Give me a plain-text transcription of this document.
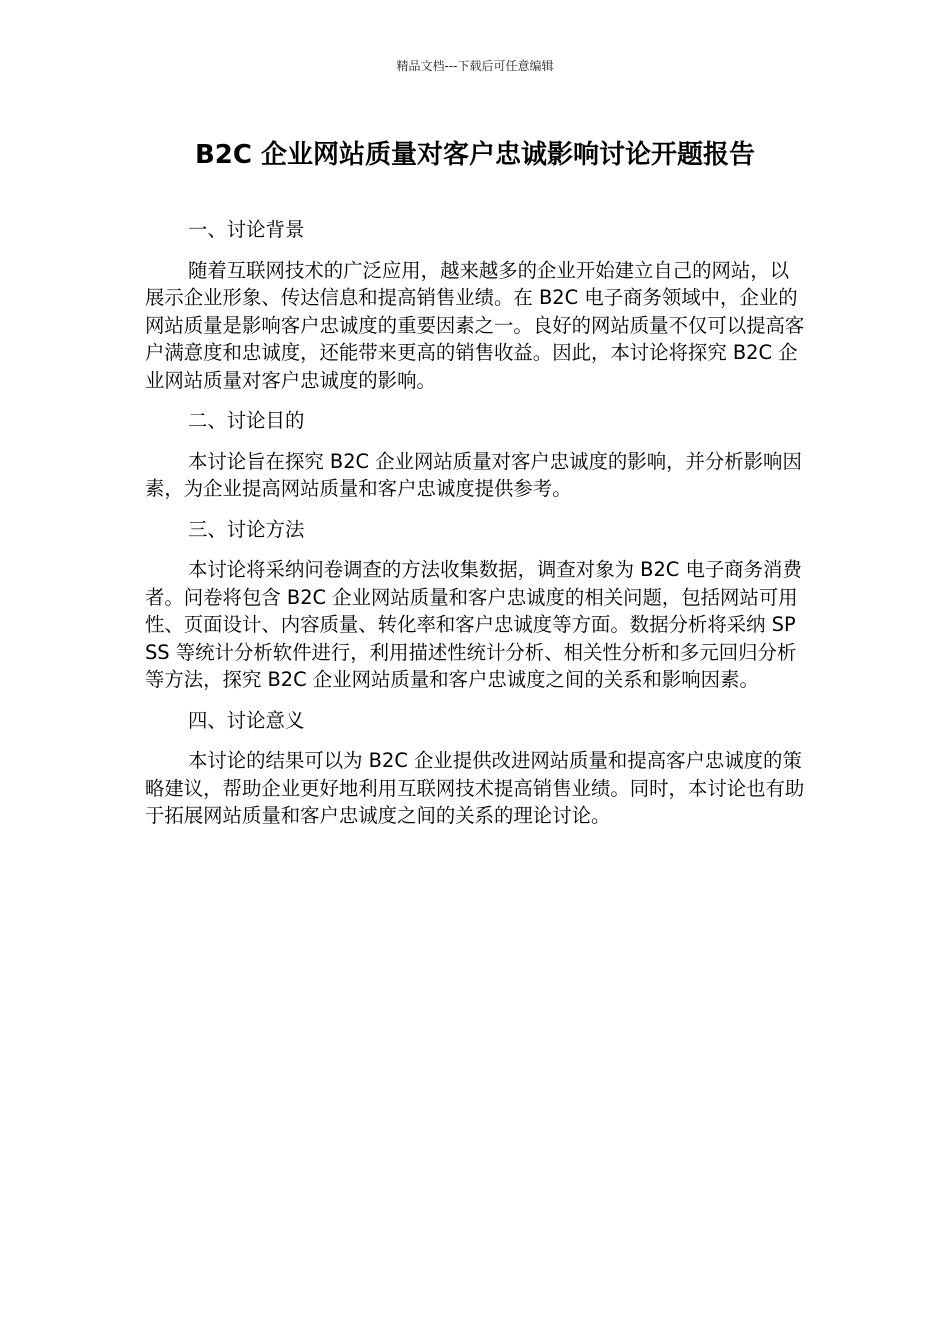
精品文档---下载后可任意编辑
B2C 企业网站质量对客户忠诚影响讨论开题报告

一、讨论背景

随着互联网技术的广泛应用，越来越多的企业开始建立自己的网站，以展示企业形象、传达信息和提高销售业绩。在 B2C 电子商务领域中，企业的网站质量是影响客户忠诚度的重要因素之一。良好的网站质量不仅可以提高客户满意度和忠诚度，还能带来更高的销售收益。因此，本讨论将探究 B2C 企业网站质量对客户忠诚度的影响。

二、讨论目的

本讨论旨在探究 B2C 企业网站质量对客户忠诚度的影响，并分析影响因素，为企业提高网站质量和客户忠诚度提供参考。

三、讨论方法

本讨论将采纳问卷调查的方法收集数据，调查对象为 B2C 电子商务消费者。问卷将包含 B2C 企业网站质量和客户忠诚度的相关问题，包括网站可用性、页面设计、内容质量、转化率和客户忠诚度等方面。数据分析将采纳 SPSS 等统计分析软件进行，利用描述性统计分析、相关性分析和多元回归分析等方法，探究 B2C 企业网站质量和客户忠诚度之间的关系和影响因素。

四、讨论意义

本讨论的结果可以为 B2C 企业提供改进网站质量和提高客户忠诚度的策略建议，帮助企业更好地利用互联网技术提高销售业绩。同时，本讨论也有助于拓展网站质量和客户忠诚度之间的关系的理论讨论。
